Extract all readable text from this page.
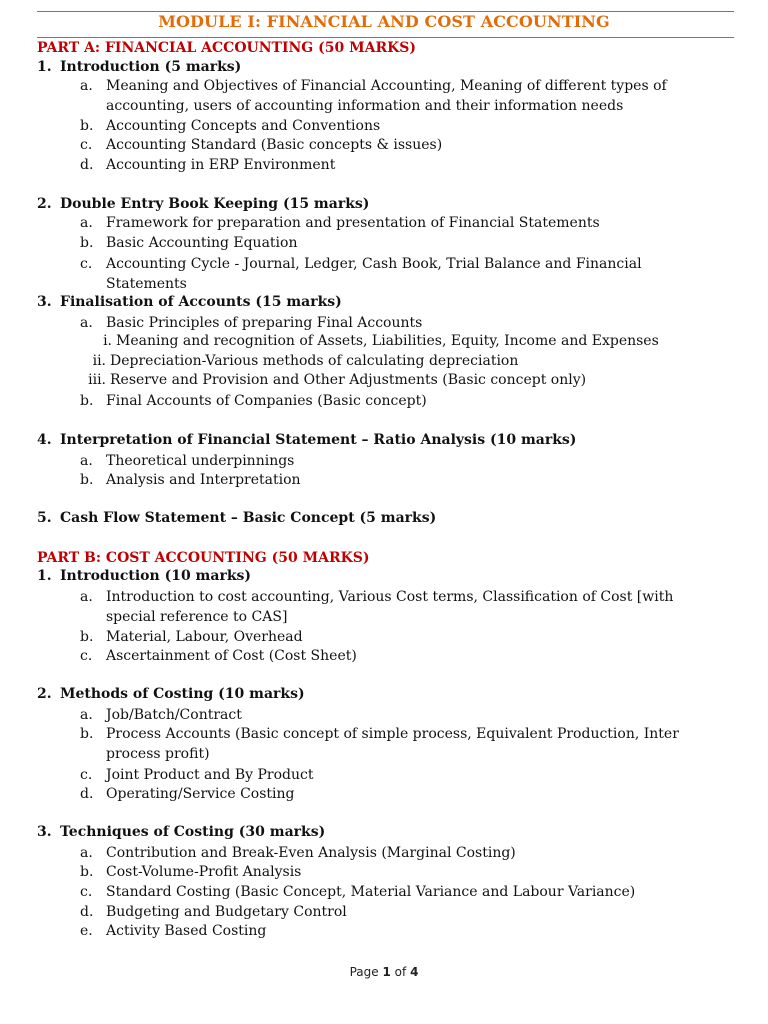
MODULE I: FINANCIAL AND COST ACCOUNTING
PART A: FINANCIAL ACCOUNTING (50 MARKS)
1. Introduction (5 marks)
a. Meaning and Objectives of Financial Accounting, Meaning of different types of accounting, users of accounting information and their information needs
b. Accounting Concepts and Conventions
c. Accounting Standard (Basic concepts & issues)
d. Accounting in ERP Environment
2. Double Entry Book Keeping (15 marks)
a. Framework for preparation and presentation of Financial Statements
b. Basic Accounting Equation
c. Accounting Cycle - Journal, Ledger, Cash Book, Trial Balance and Financial Statements
3. Finalisation of Accounts (15 marks)
a. Basic Principles of preparing Final Accounts
i. Meaning and recognition of Assets, Liabilities, Equity, Income and Expenses
ii. Depreciation-Various methods of calculating depreciation
iii. Reserve and Provision and Other Adjustments (Basic concept only)
b. Final Accounts of Companies (Basic concept)
4. Interpretation of Financial Statement – Ratio Analysis (10 marks)
a. Theoretical underpinnings
b. Analysis and Interpretation
5. Cash Flow Statement – Basic Concept (5 marks)
PART B: COST ACCOUNTING (50 MARKS)
1. Introduction (10 marks)
a. Introduction to cost accounting, Various Cost terms, Classification of Cost [with special reference to CAS]
b. Material, Labour, Overhead
c. Ascertainment of Cost (Cost Sheet)
2. Methods of Costing (10 marks)
a. Job/Batch/Contract
b. Process Accounts (Basic concept of simple process, Equivalent Production, Inter process profit)
c. Joint Product and By Product
d. Operating/Service Costing
3. Techniques of Costing (30 marks)
a. Contribution and Break-Even Analysis (Marginal Costing)
b. Cost-Volume-Profit Analysis
c. Standard Costing (Basic Concept, Material Variance and Labour Variance)
d. Budgeting and Budgetary Control
e. Activity Based Costing
Page 1 of 4
